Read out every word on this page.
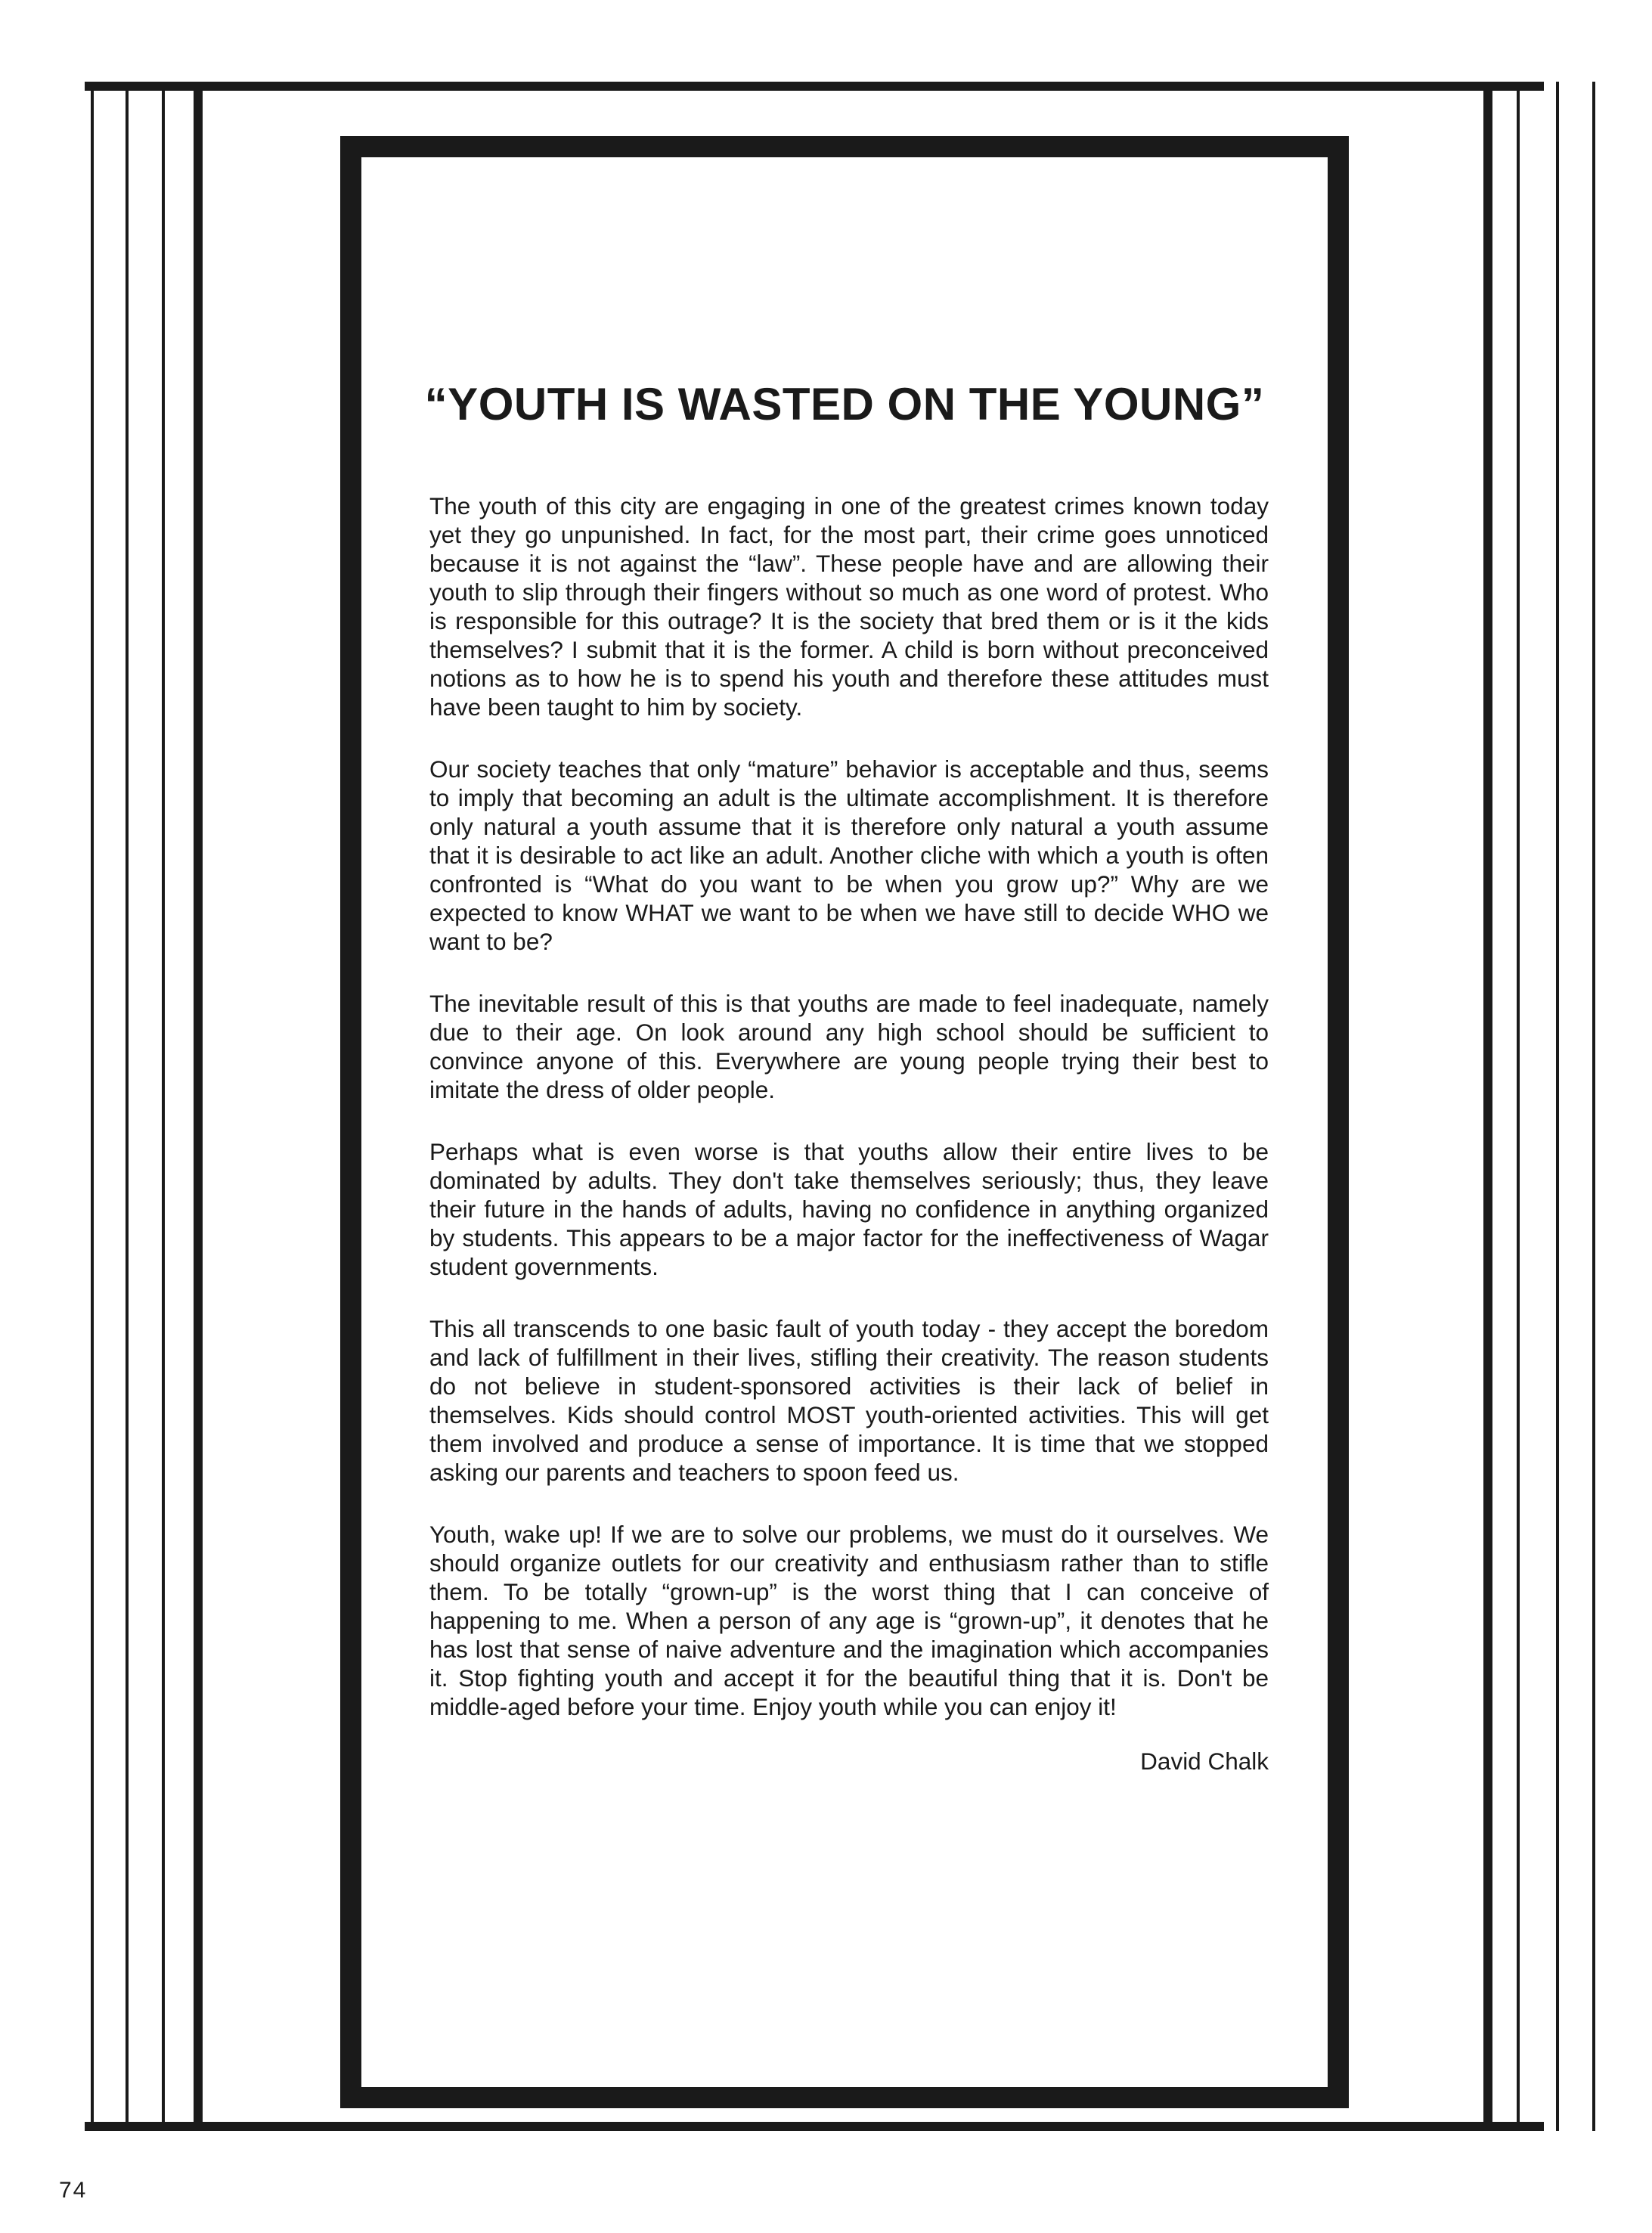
“YOUTH IS WASTED ON THE YOUNG”

The youth of this city are engaging in one of the greatest crimes known today yet they go unpunished. In fact, for the most part, their crime goes unnoticed because it is not against the “law”. These people have and are allowing their youth to slip through their fingers without so much as one word of protest. Who is responsible for this outrage? It is the society that bred them or is it the kids themselves? I submit that it is the former. A child is born without preconceived notions as to how he is to spend his youth and therefore these attitudes must have been taught to him by society.

Our society teaches that only “mature” behavior is acceptable and thus, seems to imply that becoming an adult is the ultimate accomplishment. It is therefore only natural a youth assume that it is therefore only natural a youth assume that it is desirable to act like an adult. Another cliche with which a youth is often confronted is “What do you want to be when you grow up?” Why are we expected to know WHAT we want to be when we have still to decide WHO we want to be?

The inevitable result of this is that youths are made to feel inadequate, namely due to their age. On look around any high school should be sufficient to convince anyone of this. Everywhere are young people trying their best to imitate the dress of older people.

Perhaps what is even worse is that youths allow their entire lives to be dominated by adults. They don't take themselves seriously; thus, they leave their future in the hands of adults, having no confidence in anything organized by students. This appears to be a major factor for the ineffectiveness of Wagar student governments.

This all transcends to one basic fault of youth today - they accept the boredom and lack of fulfillment in their lives, stifling their creativity. The reason students do not believe in student-sponsored activities is their lack of belief in themselves. Kids should control MOST youth-oriented activities. This will get them involved and produce a sense of importance. It is time that we stopped asking our parents and teachers to spoon feed us.

Youth, wake up! If we are to solve our problems, we must do it ourselves. We should organize outlets for our creativity and enthusiasm rather than to stifle them. To be totally “grown-up” is the worst thing that I can conceive of happening to me. When a person of any age is “grown-up”, it denotes that he has lost that sense of naive adventure and the imagination which accompanies it. Stop fighting youth and accept it for the beautiful thing that it is. Don't be middle-aged before your time. Enjoy youth while you can enjoy it!

David Chalk

74
